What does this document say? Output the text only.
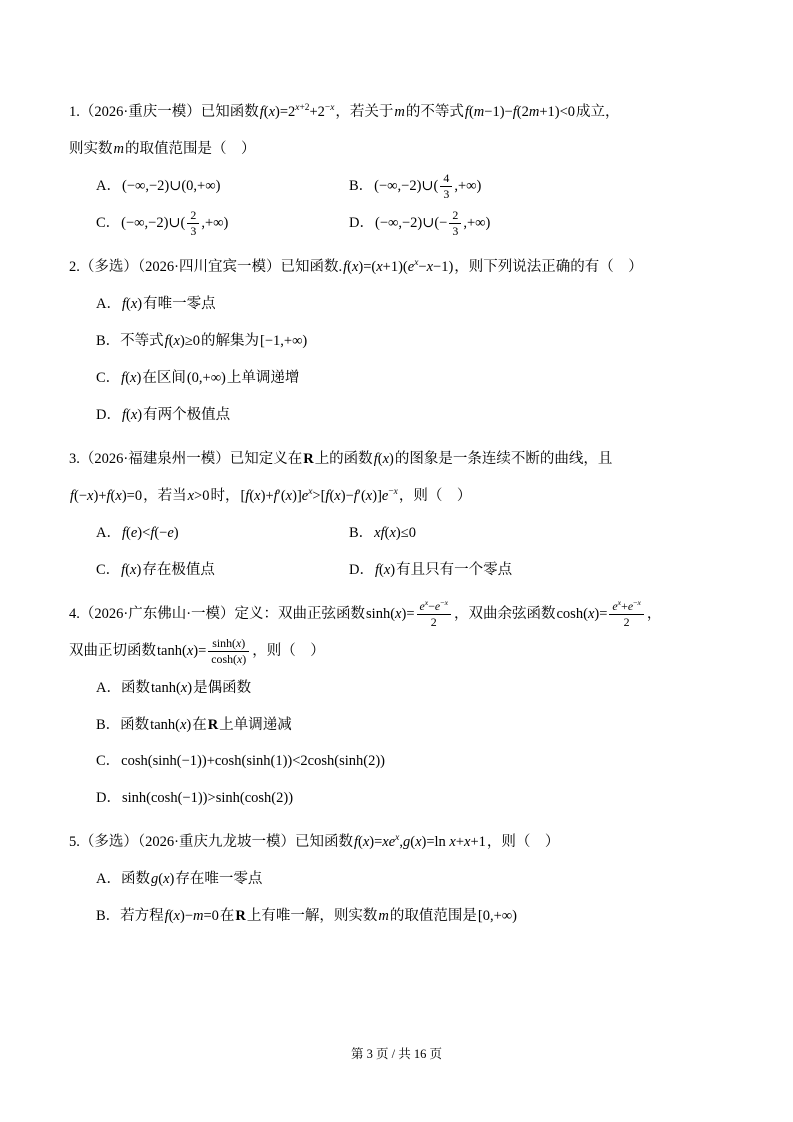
1.（2026·重庆一模）已知函数$f(x)=2^{x+2}+2^{-x}$，若关于m的不等式f(m−1)−f(2m+1)<0成立，

则实数m的取值范围是（　）

A．(−∞,−2)∪(0,+∞)	B．(−∞,−2)∪( $\frac{4}{3}$ ,+∞)

C．(−∞,−2)∪( $\frac{2}{3}$ ,+∞)	D．(−∞,−2)∪(− $\frac{2}{3}$ ,+∞)

2.（多选）（2026·四川宜宾一模）已知函数$.f(x)=(x+1)(e^x-x-1)$，则下列说法正确的有（　）

A．f(x)有唯一零点

B．不等式f(x)≥0的解集为[−1,+∞)

C．f(x)在区间(0,+∞)上单调递增

D．f(x)有两个极值点

3.（2026·福建泉州一模）已知定义在R上的函数f(x)的图象是一条连续不断的曲线，且

f(−x)+f(x)=0，若当x>0时，$[f(x)+f'(x)]e^x>[f(x)-f'(x)]e^{-x}$，则（　）

A．f(e)<f(−e)	B．xf(x)≤0

C．f(x)存在极值点	D．f(x)有且只有一个零点

4.（2026·广东佛山·一模）定义：双曲正弦函数$\sinh(x)= \frac{e^x-e^{-x}}{2}$ ，双曲余弦函数$\cosh(x)= \frac{e^x+e^{-x}}{2}$ ，

双曲正切函数$\tanh(x)= \frac{\sinh(x)}{\cosh(x)}$ ，则（　）

A．函数tanh(x)是偶函数

B．函数tanh(x)在R上单调递减

C．cosh(sinh(−1))+cosh(sinh(1))<2cosh(sinh(2))

D．sinh(cosh(−1))>sinh(cosh(2))

5.（多选）（2026·重庆九龙坡一模）已知函数$f(x)=xe^x,g(x)=\ln$ x+x+1，则（　）

A．函数g(x)存在唯一零点

B．若方程f(x)−m=0在R上有唯一解，则实数m的取值范围是[0,+∞)

第 3 页 / 共 16 页
